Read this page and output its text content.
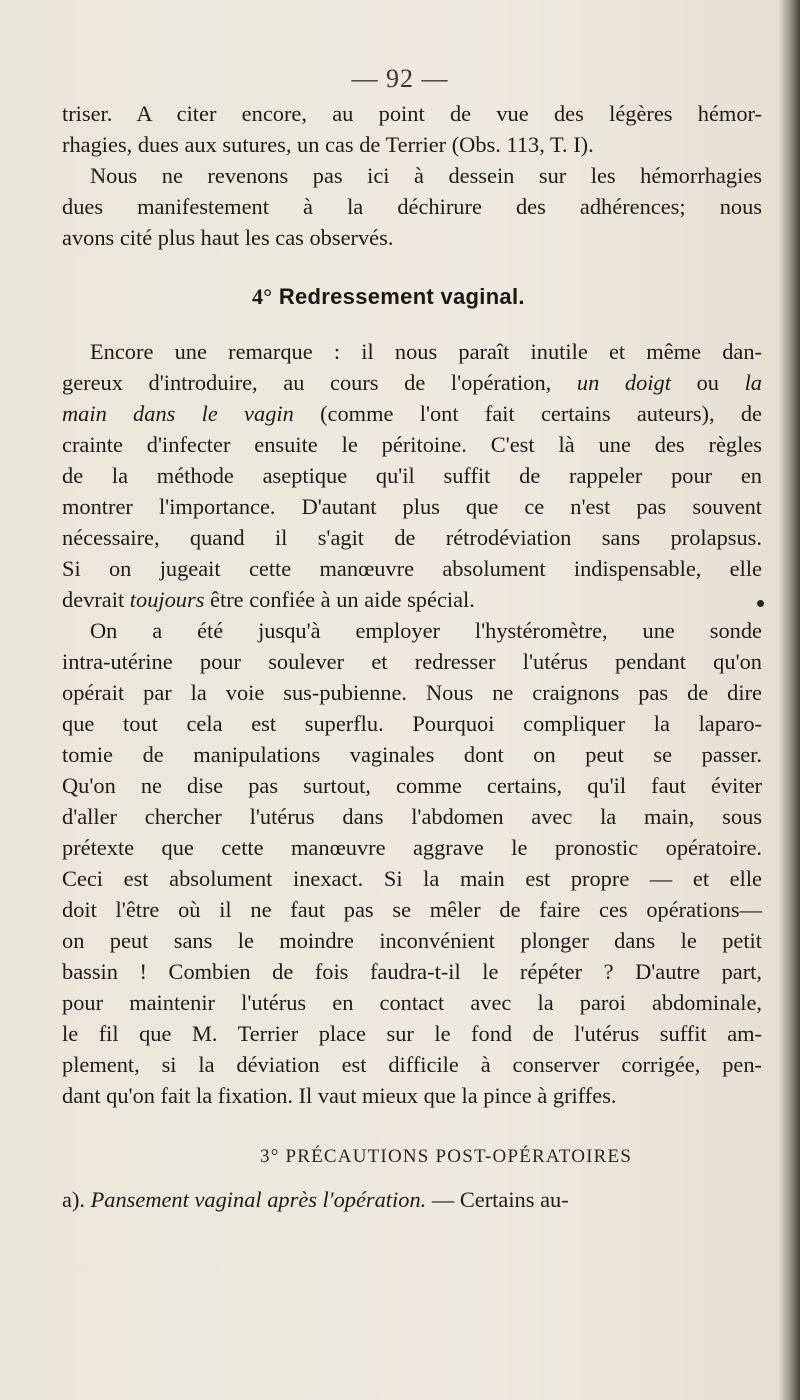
— 92 —
triser. A citer encore, au point de vue des légères hémor-
rhagies, dues aux sutures, un cas de Terrier (Obs. 113, T. I).
Nous ne revenons pas ici à dessein sur les hémorrhagies
dues manifestement à la déchirure des adhérences; nous
avons cité plus haut les cas observés.
4° Redressement vaginal.
Encore une remarque : il nous paraît inutile et même dan-
gereux d'introduire, au cours de l'opération, un doigt ou la
main dans le vagin (comme l'ont fait certains auteurs), de
crainte d'infecter ensuite le péritoine. C'est là une des règles
de la méthode aseptique qu'il suffit de rappeler pour en
montrer l'importance. D'autant plus que ce n'est pas souvent
nécessaire, quand il s'agit de rétrodéviation sans prolapsus.
Si on jugeait cette manœuvre absolument indispensable, elle
devrait toujours être confiée à un aide spécial.
On a été jusqu'à employer l'hystéromètre, une sonde
intra-utérine pour soulever et redresser l'utérus pendant qu'on
opérait par la voie sus-pubienne. Nous ne craignons pas de dire
que tout cela est superflu. Pourquoi compliquer la laparo-
tomie de manipulations vaginales dont on peut se passer.
Qu'on ne dise pas surtout, comme certains, qu'il faut éviter
d'aller chercher l'utérus dans l'abdomen avec la main, sous
prétexte que cette manœuvre aggrave le pronostic opératoire.
Ceci est absolument inexact. Si la main est propre — et elle
doit l'être où il ne faut pas se mêler de faire ces opérations—
on peut sans le moindre inconvénient plonger dans le petit
bassin ! Combien de fois faudra-t-il le répéter ? D'autre part,
pour maintenir l'utérus en contact avec la paroi abdominale,
le fil que M. Terrier place sur le fond de l'utérus suffit am-
plement, si la déviation est difficile à conserver corrigée, pen-
dant qu'on fait la fixation. Il vaut mieux que la pince à griffes.
3° PRÉCAUTIONS POST-OPÉRATOIRES
a). Pansement vaginal après l'opération. — Certains au-
